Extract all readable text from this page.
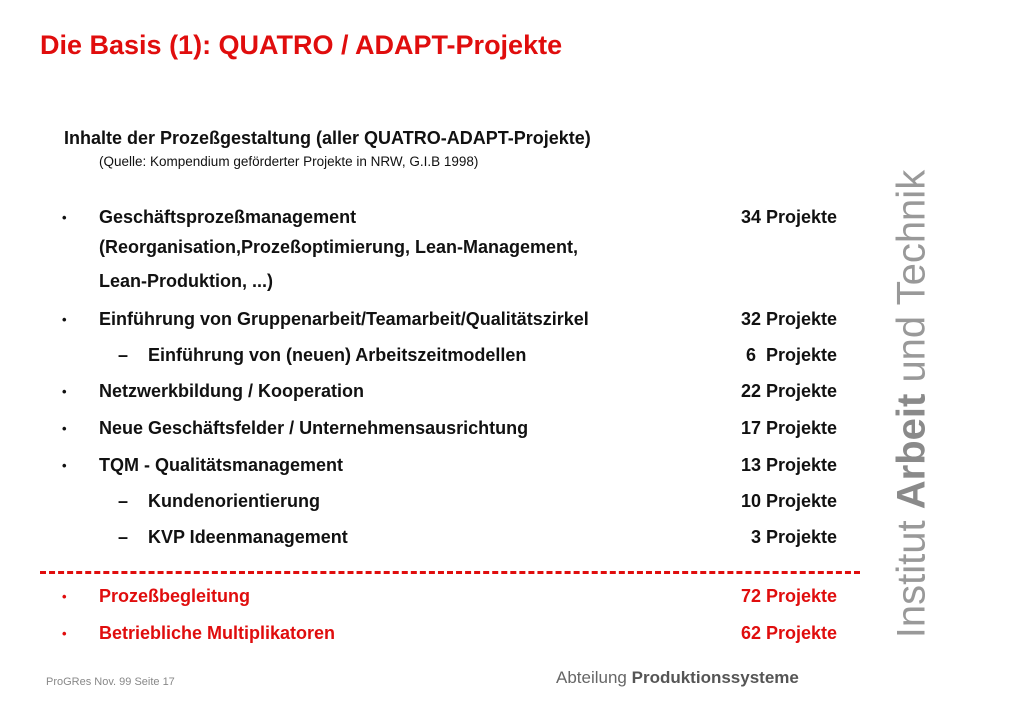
Die Basis (1): QUATRO / ADAPT-Projekte
Inhalte der Prozeßgestaltung (aller QUATRO-ADAPT-Projekte)
(Quelle: Kompendium geförderter Projekte in NRW, G.I.B 1998)
• Geschäftsprozeßmanagement	34 Projekte
(Reorganisation,Prozeßoptimierung, Lean-Management,
Lean-Produktion, ...)
• Einführung von Gruppenarbeit/Teamarbeit/Qualitätszirkel	32 Projekte
– Einführung von (neuen) Arbeitszeitmodellen	6  Projekte
• Netzwerkbildung / Kooperation	22 Projekte
• Neue Geschäftsfelder / Unternehmensausrichtung	17 Projekte
• TQM - Qualitätsmanagement	13 Projekte
– Kundenorientierung	10 Projekte
– KVP Ideenmanagement	3 Projekte
• Prozeßbegleitung	72 Projekte
• Betriebliche Multiplikatoren	62 Projekte
ProGRes Nov. 99 Seite 17	Abteilung Produktionssysteme
Institut Arbeit und Technik
